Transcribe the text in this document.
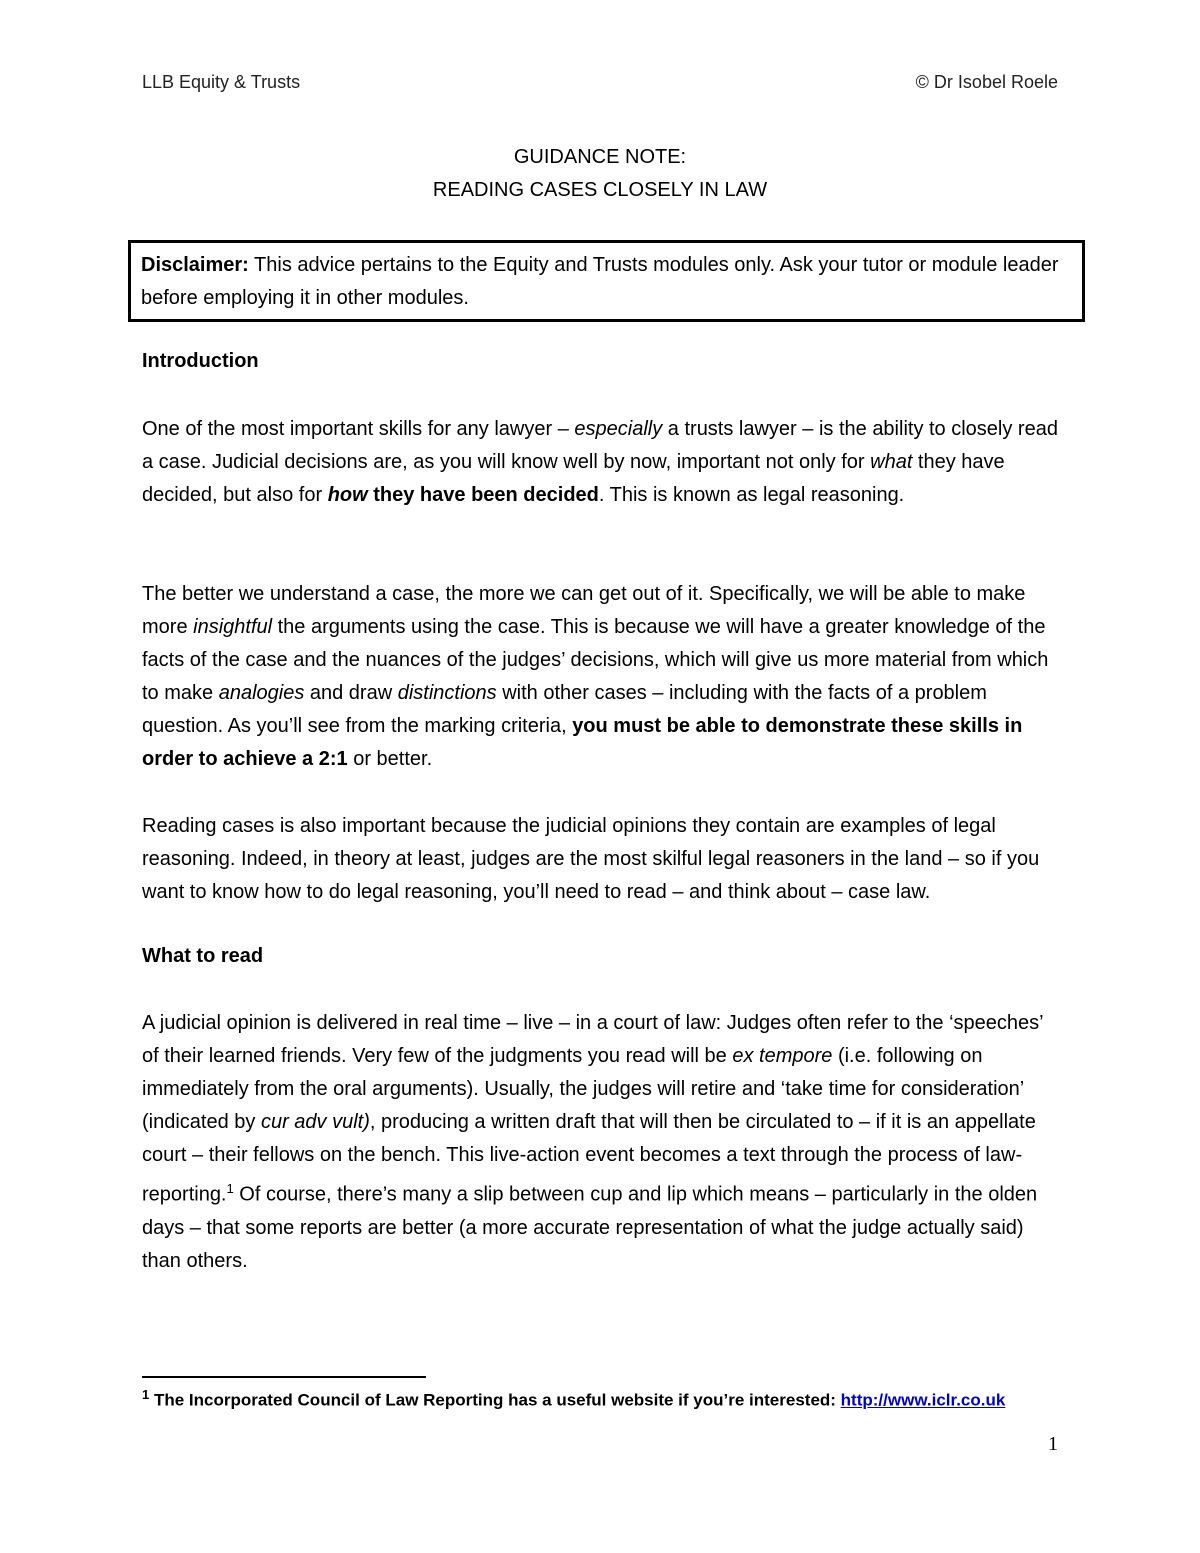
LLB Equity & Trusts	© Dr Isobel Roele
GUIDANCE NOTE:
READING CASES CLOSELY IN LAW
Disclaimer: This advice pertains to the Equity and Trusts modules only. Ask your tutor or module leader before employing it in other modules.
Introduction
One of the most important skills for any lawyer – especially a trusts lawyer – is the ability to closely read a case. Judicial decisions are, as you will know well by now, important not only for what they have decided, but also for how they have been decided. This is known as legal reasoning.
The better we understand a case, the more we can get out of it. Specifically, we will be able to make more insightful the arguments using the case. This is because we will have a greater knowledge of the facts of the case and the nuances of the judges’ decisions, which will give us more material from which to make analogies and draw distinctions with other cases – including with the facts of a problem question. As you’ll see from the marking criteria, you must be able to demonstrate these skills in order to achieve a 2:1 or better.
Reading cases is also important because the judicial opinions they contain are examples of legal reasoning. Indeed, in theory at least, judges are the most skilful legal reasoners in the land – so if you want to know how to do legal reasoning, you’ll need to read – and think about – case law.
What to read
A judicial opinion is delivered in real time – live – in a court of law: Judges often refer to the ‘speeches’ of their learned friends. Very few of the judgments you read will be ex tempore (i.e. following on immediately from the oral arguments). Usually, the judges will retire and ‘take time for consideration’ (indicated by cur adv vult), producing a written draft that will then be circulated to – if it is an appellate court – their fellows on the bench. This live-action event becomes a text through the process of law-reporting.$^1$ Of course, there’s many a slip between cup and lip which means – particularly in the olden days – that some reports are better (a more accurate representation of what the judge actually said) than others.
$^1$ The Incorporated Council of Law Reporting has a useful website if you’re interested: http://www.iclr.co.uk
1
